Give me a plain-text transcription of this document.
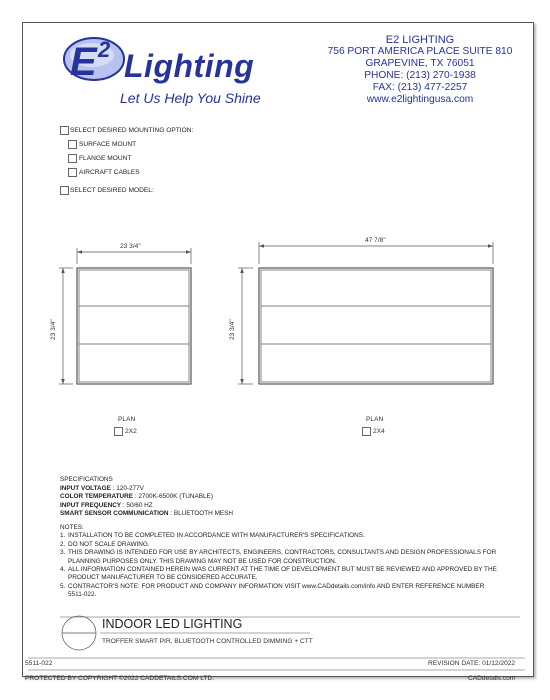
E 2 Lighting
Let Us Help You Shine
E2 LIGHTING
756 PORT AMERICA PLACE SUITE 810
GRAPEVINE, TX 76051
PHONE: (213) 270-1938
FAX: (213) 477-2257
www.e2lightingusa.com
SELECT DESIRED MOUNTING OPTION:
SURFACE MOUNT
FLANGE MOUNT
AIRCRAFT CABLES
SELECT DESIRED MODEL:
23 3/4"
23 3/4"
47 7/8"
23 3/4"
PLAN
2X2
PLAN
2X4
SPECIFICATIONS
INPUT VOLTAGE : 120-277V
COLOR TEMPERATURE : 2700K-6500K (TUNABLE)
INPUT FREQUENCY : 50/60 HZ
SMART SENSOR COMMUNICATION : BLUETOOTH MESH
NOTES:
1. INSTALLATION TO BE COMPLETED IN ACCORDANCE WITH MANUFACTURER'S SPECIFICATIONS.
2. DO NOT SCALE DRAWING.
3. THIS DRAWING IS INTENDED FOR USE BY ARCHITECTS, ENGINEERS, CONTRACTORS, CONSULTANTS AND DESIGN PROFESSIONALS FOR PLANNING PURPOSES ONLY. THIS DRAWING MAY NOT BE USED FOR CONSTRUCTION.
4. ALL INFORMATION CONTAINED HEREIN WAS CURRENT AT THE TIME OF DEVELOPMENT BUT MUST BE REVIEWED AND APPROVED BY THE PRODUCT MANUFACTURER TO BE CONSIDERED ACCURATE.
5. CONTRACTOR'S NOTE: FOR PRODUCT AND COMPANY INFORMATION VISIT www.CADdetails.com/info AND ENTER REFERENCE NUMBER 5511-022.
INDOOR LED LIGHTING
TROFFER SMART PIR, BLUETOOTH CONTROLLED DIMMING + CTT
5511-022	REVISION DATE: 01/12/2022
PROTECTED BY COPYRIGHT ©2022 CADDETAILS.COM LTD.	CADdetails.com
